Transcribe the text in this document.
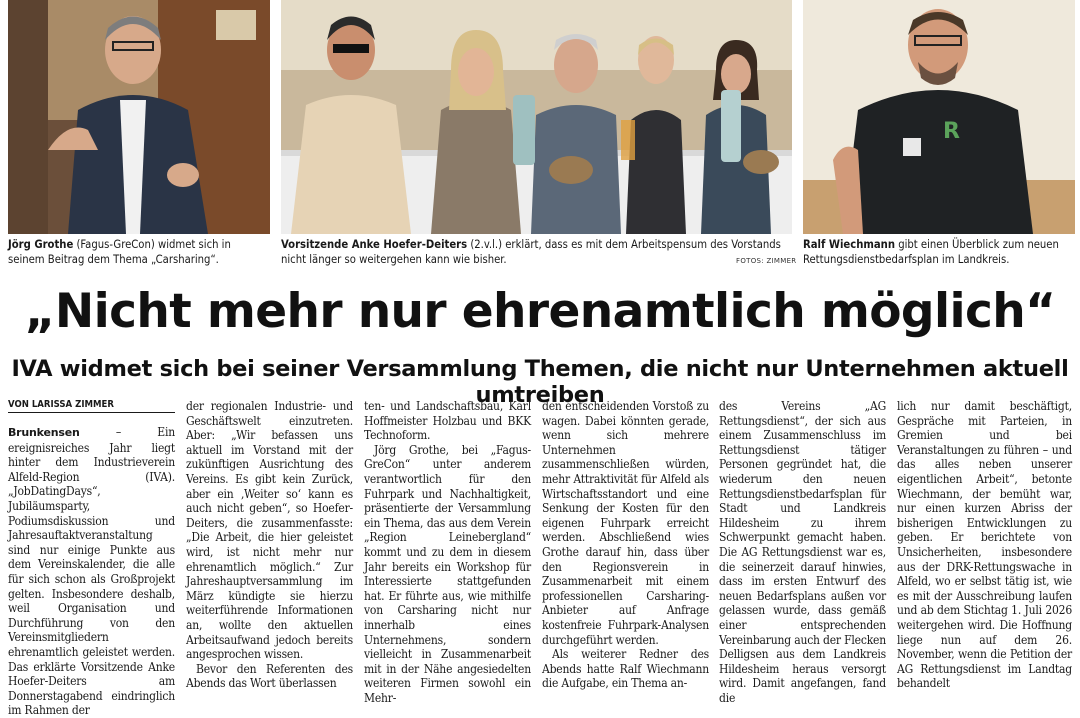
R
Jörg Grothe (Fagus-GreCon) widmet sich in seinem Beitrag dem Thema „Carsharing“.
Vorsitzende Anke Hoefer-Deiters (2.v.l.) erklärt, dass es mit dem Arbeitspensum des Vorstands nicht länger so weitergehen kann wie bisher.	FOTOS: ZIMMER
Ralf Wiechmann gibt einen Überblick zum neuen Rettungsdienstbedarfsplan im Landkreis.
„Nicht mehr nur ehrenamtlich möglich“
IVA widmet sich bei seiner Versammlung Themen, die nicht nur Unternehmen aktuell umtreiben
VON LARISSA ZIMMER

Brunkensen – Ein ereignisreiches Jahr liegt hinter dem Industrieverein Alfeld-Region (IVA). „JobDatingDays“, Jubiläumsparty, Podiumsdiskussion und Jahresauftaktveranstaltung sind nur einige Punkte aus dem Vereinskalender, die alle für sich schon als Großprojekt gelten. Insbesondere deshalb, weil Organisation und Durchführung von den Vereinsmitgliedern ehrenamtlich geleistet werden. Das erklärte Vorsitzende Anke Hoefer-Deiters am Donnerstagabend eindringlich im Rahmen der

der regionalen Industrie- und Geschäftswelt einzutreten. Aber: „Wir befassen uns aktuell im Vorstand mit der zukünftigen Ausrichtung des Vereins. Es gibt kein Zurück, aber ein ‚Weiter so‘ kann es auch nicht geben“, so Hoefer-Deiters, die zusammenfasste: „Die Arbeit, die hier geleistet wird, ist nicht mehr nur ehrenamtlich möglich.“ Zur Jahreshauptversammlung im März kündigte sie hierzu weiterführende Informationen an, wollte den aktuellen Arbeitsaufwand jedoch bereits angesprochen wissen.

Bevor den Referenten des Abends das Wort überlassen

ten- und Landschaftsbau, Karl Hoffmeister Holzbau und BKK Technoform.

Jörg Grothe, bei „Fagus-GreCon“ unter anderem verantwortlich für den Fuhrpark und Nachhaltigkeit, präsentierte der Versammlung ein Thema, das aus dem Verein „Region Leinebergland“ kommt und zu dem in diesem Jahr bereits ein Workshop für Interessierte stattgefunden hat. Er führte aus, wie mithilfe von Carsharing nicht nur innerhalb eines Unternehmens, sondern vielleicht in Zusammenarbeit mit in der Nähe angesiedelten weiteren Firmen sowohl ein Mehr-

den entscheidenden Vorstoß zu wagen. Dabei könnten gerade, wenn sich mehrere Unternehmen zusammenschließen würden, mehr Attraktivität für Alfeld als Wirtschaftsstandort und eine Senkung der Kosten für den eigenen Fuhrpark erreicht werden. Abschließend wies Grothe darauf hin, dass über den Regionsverein in Zusammenarbeit mit einem professionellen Carsharing-Anbieter auf Anfrage kostenfreie Fuhrpark-Analysen durchgeführt werden.

Als weiterer Redner des Abends hatte Ralf Wiechmann die Aufgabe, ein Thema an-

des Vereins „AG Rettungsdienst“, der sich aus einem Zusammenschluss im Rettungsdienst tätiger Personen gegründet hat, die wiederum den neuen Rettungsdienstbedarfsplan für Stadt und Landkreis Hildesheim zu ihrem Schwerpunkt gemacht haben. Die AG Rettungsdienst war es, die seinerzeit darauf hinwies, dass im ersten Entwurf des neuen Bedarfsplans außen vor gelassen wurde, dass gemäß einer entsprechenden Vereinbarung auch der Flecken Delligsen aus dem Landkreis Hildesheim heraus versorgt wird. Damit angefangen, fand die

lich nur damit beschäftigt, Gespräche mit Parteien, in Gremien und bei Veranstaltungen zu führen – und das alles neben unserer eigentlichen Arbeit“, betonte Wiechmann, der bemüht war, nur einen kurzen Abriss der bisherigen Entwicklungen zu geben. Er berichtete von Unsicherheiten, insbesondere aus der DRK-Rettungswache in Alfeld, wo er selbst tätig ist, wie es mit der Ausschreibung laufen und ab dem Stichtag 1. Juli 2026 weitergehen wird. Die Hoffnung liege nun auf dem 26. November, wenn die Petition der AG Rettungsdienst im Landtag behandelt
